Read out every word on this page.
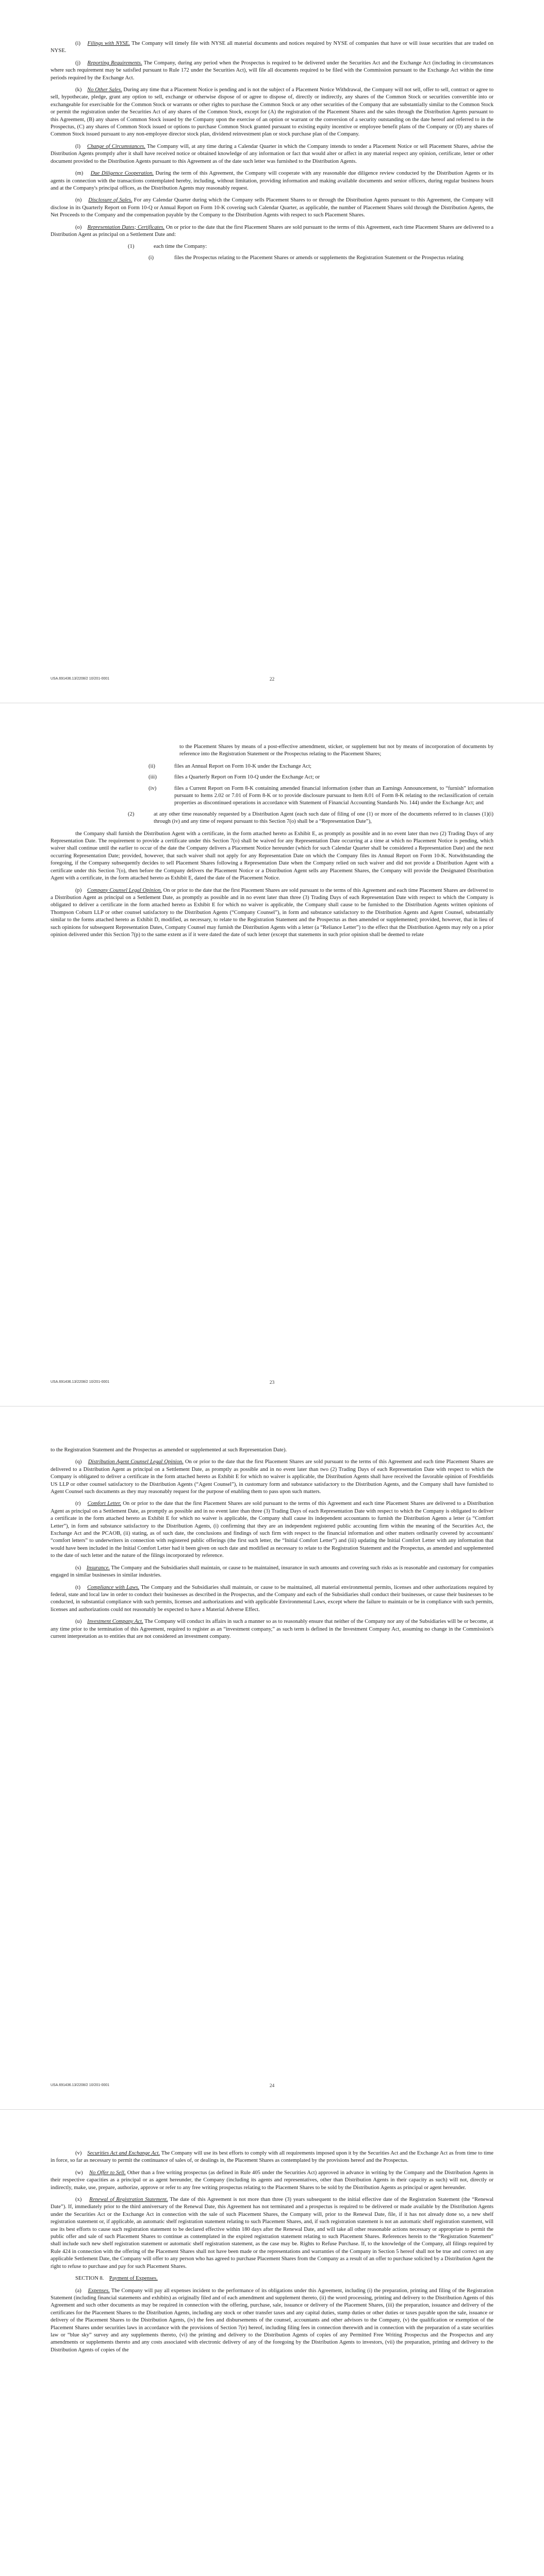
(i) Filings with NYSE. The Company will timely file with NYSE all material documents and notices required by NYSE of companies that have or will issue securities that are traded on NYSE.

(j) Reporting Requirements. The Company, during any period when the Prospectus is required to be delivered under the Securities Act and the Exchange Act (including in circumstances where such requirement may be satisfied pursuant to Rule 172 under the Securities Act), will file all documents required to be filed with the Commission pursuant to the Exchange Act within the time periods required by the Exchange Act.

(k) No Other Sales. During any time that a Placement Notice is pending and is not the subject of a Placement Notice Withdrawal, the Company will not sell, offer to sell, contract or agree to sell, hypothecate, pledge, grant any option to sell, exchange or otherwise dispose of or agree to dispose of, directly or indirectly, any shares of the Common Stock or securities convertible into or exchangeable for exercisable for the Common Stock or warrants or other rights to purchase the Common Stock or any other securities of the Company that are substantially similar to the Common Stock or permit the registration under the Securities Act of any shares of the Common Stock, except for (A) the registration of the Placement Shares and the sales through the Distribution Agents pursuant to this Agreement, (B) any shares of Common Stock issued by the Company upon the exercise of an option or warrant or the conversion of a security outstanding on the date hereof and referred to in the Prospectus, (C) any shares of Common Stock issued or options to purchase Common Stock granted pursuant to existing equity incentive or employee benefit plans of the Company or (D) any shares of Common Stock issued pursuant to any non-employee director stock plan, dividend reinvestment plan or stock purchase plan of the Company.

(l) Change of Circumstances. The Company will, at any time during a Calendar Quarter in which the Company intends to tender a Placement Notice or sell Placement Shares, advise the Distribution Agents promptly after it shall have received notice or obtained knowledge of any information or fact that would alter or affect in any material respect any opinion, certificate, letter or other document provided to the Distribution Agents pursuant to this Agreement as of the date such letter was furnished to the Distribution Agents.

(m) Due Diligence Cooperation. During the term of this Agreement, the Company will cooperate with any reasonable due diligence review conducted by the Distribution Agents or its agents in connection with the transactions contemplated hereby, including, without limitation, providing information and making available documents and senior officers, during regular business hours and at the Company's principal offices, as the Distribution Agents may reasonably request.

(n) Disclosure of Sales. For any Calendar Quarter during which the Company sells Placement Shares to or through the Distribution Agents pursuant to this Agreement, the Company will disclose in its Quarterly Report on Form 10-Q or Annual Report on Form 10-K covering such Calendar Quarter, as applicable, the number of Placement Shares sold through the Distribution Agents, the Net Proceeds to the Company and the compensation payable by the Company to the Distribution Agents with respect to such Placement Shares.

(o) Representation Dates; Certificates. On or prior to the date that the first Placement Shares are sold pursuant to the terms of this Agreement, each time Placement Shares are delivered to a Distribution Agent as principal on a Settlement Date and:

(1)	each time the Company:
(i)	files the Prospectus relating to the Placement Shares or amends or supplements the Registration Statement or the Prospectus relating
USA.691436.13/2208/2 10/201-0001	22

to the Placement Shares by means of a post-effective amendment, sticker, or supplement but not by means of incorporation of documents by reference into the Registration Statement or the Prospectus relating to the Placement Shares;

(ii)	files an Annual Report on Form 10-K under the Exchange Act;
(iii)	files a Quarterly Report on Form 10-Q under the Exchange Act; or
(iv)	files a Current Report on Form 8-K containing amended financial information (other than an Earnings Announcement, to “furnish” information pursuant to Items 2.02 or 7.01 of Form 8-K or to provide disclosure pursuant to Item 8.01 of Form 8-K relating to the reclassification of certain properties as discontinued operations in accordance with Statement of Financial Accounting Standards No. 144) under the Exchange Act; and
(2)	at any other time reasonably requested by a Distribution Agent (each such date of filing of one (1) or more of the documents referred to in clauses (1)(i) through (iv) and any time of request pursuant to this Section 7(o) shall be a “Representation Date”),

the Company shall furnish the Distribution Agent with a certificate, in the form attached hereto as Exhibit E, as promptly as possible and in no event later than two (2) Trading Days of any Representation Date. The requirement to provide a certificate under this Section 7(o) shall be waived for any Representation Date occurring at a time at which no Placement Notice is pending, which waiver shall continue until the earlier to occur of the date the Company delivers a Placement Notice hereunder (which for such Calendar Quarter shall be considered a Representation Date) and the next occurring Representation Date; provided, however, that such waiver shall not apply for any Representation Date on which the Company files its Annual Report on Form 10-K. Notwithstanding the foregoing, if the Company subsequently decides to sell Placement Shares following a Representation Date when the Company relied on such waiver and did not provide a Distribution Agent with a certificate under this Section 7(o), then before the Company delivers the Placement Notice or a Distribution Agent sells any Placement Shares, the Company will provide the Designated Distribution Agent with a certificate, in the form attached hereto as Exhibit E, dated the date of the Placement Notice.

(p) Company Counsel Legal Opinion. On or prior to the date that the first Placement Shares are sold pursuant to the terms of this Agreement and each time Placement Shares are delivered to a Distribution Agent as principal on a Settlement Date, as promptly as possible and in no event later than three (3) Trading Days of each Representation Date with respect to which the Company is obligated to deliver a certificate in the form attached hereto as Exhibit E for which no waiver is applicable, the Company shall cause to be furnished to the Distribution Agents written opinions of Thompson Coburn LLP or other counsel satisfactory to the Distribution Agents (“Company Counsel”), in form and substance satisfactory to the Distribution Agents and Agent Counsel, substantially similar to the forms attached hereto as Exhibit D, modified, as necessary, to relate to the Registration Statement and the Prospectus as then amended or supplemented; provided, however, that in lieu of such opinions for subsequent Representation Dates, Company Counsel may furnish the Distribution Agents with a letter (a “Reliance Letter”) to the effect that the Distribution Agents may rely on a prior opinion delivered under this Section 7(p) to the same extent as if it were dated the date of such letter (except that statements in such prior opinion shall be deemed to relate

USA.691436.13/2208/2 10/201-0001	23

to the Registration Statement and the Prospectus as amended or supplemented at such Representation Date).

(q) Distribution Agent Counsel Legal Opinion. On or prior to the date that the first Placement Shares are sold pursuant to the terms of this Agreement and each time Placement Shares are delivered to a Distribution Agent as principal on a Settlement Date, as promptly as possible and in no event later than two (2) Trading Days of each Representation Date with respect to which the Company is obligated to deliver a certificate in the form attached hereto as Exhibit E for which no waiver is applicable, the Distribution Agents shall have received the favorable opinion of Freshfields US LLP or other counsel satisfactory to the Distribution Agents (“Agent Counsel”), in customary form and substance satisfactory to the Distribution Agents, and the Company shall have furnished to Agent Counsel such documents as they may reasonably request for the purpose of enabling them to pass upon such matters.

(r) Comfort Letter. On or prior to the date that the first Placement Shares are sold pursuant to the terms of this Agreement and each time Placement Shares are delivered to a Distribution Agent as principal on a Settlement Date, as promptly as possible and in no event later than three (3) Trading Days of each Representation Date with respect to which the Company is obligated to deliver a certificate in the form attached hereto as Exhibit E for which no waiver is applicable, the Company shall cause its independent accountants to furnish the Distribution Agents a letter (a “Comfort Letter”), in form and substance satisfactory to the Distribution Agents, (i) confirming that they are an independent registered public accounting firm within the meaning of the Securities Act, the Exchange Act and the PCAOB, (ii) stating, as of such date, the conclusions and findings of such firm with respect to the financial information and other matters ordinarily covered by accountants' “comfort letters” to underwriters in connection with registered public offerings (the first such letter, the “Initial Comfort Letter”) and (iii) updating the Initial Comfort Letter with any information that would have been included in the Initial Comfort Letter had it been given on such date and modified as necessary to relate to the Registration Statement and the Prospectus, as amended and supplemented to the date of such letter and the nature of the filings incorporated by reference.

(s) Insurance. The Company and the Subsidiaries shall maintain, or cause to be maintained, insurance in such amounts and covering such risks as is reasonable and customary for companies engaged in similar businesses in similar industries.

(t) Compliance with Laws. The Company and the Subsidiaries shall maintain, or cause to be maintained, all material environmental permits, licenses and other authorizations required by federal, state and local law in order to conduct their businesses as described in the Prospectus, and the Company and each of the Subsidiaries shall conduct their businesses, or cause their businesses to be conducted, in substantial compliance with such permits, licenses and authorizations and with applicable Environmental Laws, except where the failure to maintain or be in compliance with such permits, licenses and authorizations could not reasonably be expected to have a Material Adverse Effect.

(u) Investment Company Act. The Company will conduct its affairs in such a manner so as to reasonably ensure that neither of the Company nor any of the Subsidiaries will be or become, at any time prior to the termination of this Agreement, required to register as an “investment company,” as such term is defined in the Investment Company Act, assuming no change in the Commission's current interpretation as to entities that are not considered an investment company.

USA.691436.13/2208/2 10/201-0001	24

(v) Securities Act and Exchange Act. The Company will use its best efforts to comply with all requirements imposed upon it by the Securities Act and the Exchange Act as from time to time in force, so far as necessary to permit the continuance of sales of, or dealings in, the Placement Shares as contemplated by the provisions hereof and the Prospectus.

(w) No Offer to Sell. Other than a free writing prospectus (as defined in Rule 405 under the Securities Act) approved in advance in writing by the Company and the Distribution Agents in their respective capacities as a principal or as agent hereunder, the Company (including its agents and representatives, other than Distribution Agents in their capacity as such) will not, directly or indirectly, make, use, prepare, authorize, approve or refer to any free writing prospectus relating to the Placement Shares to be sold by the Distribution Agents as principal or agent hereunder.

(x) Renewal of Registration Statement. The date of this Agreement is not more than three (3) years subsequent to the initial effective date of the Registration Statement (the “Renewal Date”). If, immediately prior to the third anniversary of the Renewal Date, this Agreement has not terminated and a prospectus is required to be delivered or made available by the Distribution Agents under the Securities Act or the Exchange Act in connection with the sale of such Placement Shares, the Company will, prior to the Renewal Date, file, if it has not already done so, a new shelf registration statement or, if applicable, an automatic shelf registration statement relating to such Placement Shares, and, if such registration statement is not an automatic shelf registration statement, will use its best efforts to cause such registration statement to be declared effective within 180 days after the Renewal Date, and will take all other reasonable actions necessary or appropriate to permit the public offer and sale of such Placement Shares to continue as contemplated in the expired registration statement relating to such Placement Shares. References herein to the “Registration Statement” shall include such new shelf registration statement or automatic shelf registration statement, as the case may be. Rights to Refuse Purchase. If, to the knowledge of the Company, all filings required by Rule 424 in connection with the offering of the Placement Shares shall not have been made or the representations and warranties of the Company in Section 5 hereof shall not be true and correct on any applicable Settlement Date, the Company will offer to any person who has agreed to purchase Placement Shares from the Company as a result of an offer to purchase solicited by a Distribution Agent the right to refuse to purchase and pay for such Placement Shares.

SECTION 8. Payment of Expenses.

(a) Expenses. The Company will pay all expenses incident to the performance of its obligations under this Agreement, including (i) the preparation, printing and filing of the Registration Statement (including financial statements and exhibits) as originally filed and of each amendment and supplement thereto, (ii) the word processing, printing and delivery to the Distribution Agents of this Agreement and such other documents as may be required in connection with the offering, purchase, sale, issuance or delivery of the Placement Shares, (iii) the preparation, issuance and delivery of the certificates for the Placement Shares to the Distribution Agents, including any stock or other transfer taxes and any capital duties, stamp duties or other duties or taxes payable upon the sale, issuance or delivery of the Placement Shares to the Distribution Agents, (iv) the fees and disbursements of the counsel, accountants and other advisors to the Company, (v) the qualification or exemption of the Placement Shares under securities laws in accordance with the provisions of Section 7(e) hereof, including filing fees in connection therewith and in connection with the preparation of a state securities law or “blue sky” survey and any supplements thereto, (vi) the printing and delivery to the Distribution Agents of copies of any Permitted Free Writing Prospectus and the Prospectus and any amendments or supplements thereto and any costs associated with electronic delivery of any of the foregoing by the Distribution Agents to investors, (vii) the preparation, printing and delivery to the Distribution Agents of copies of the
